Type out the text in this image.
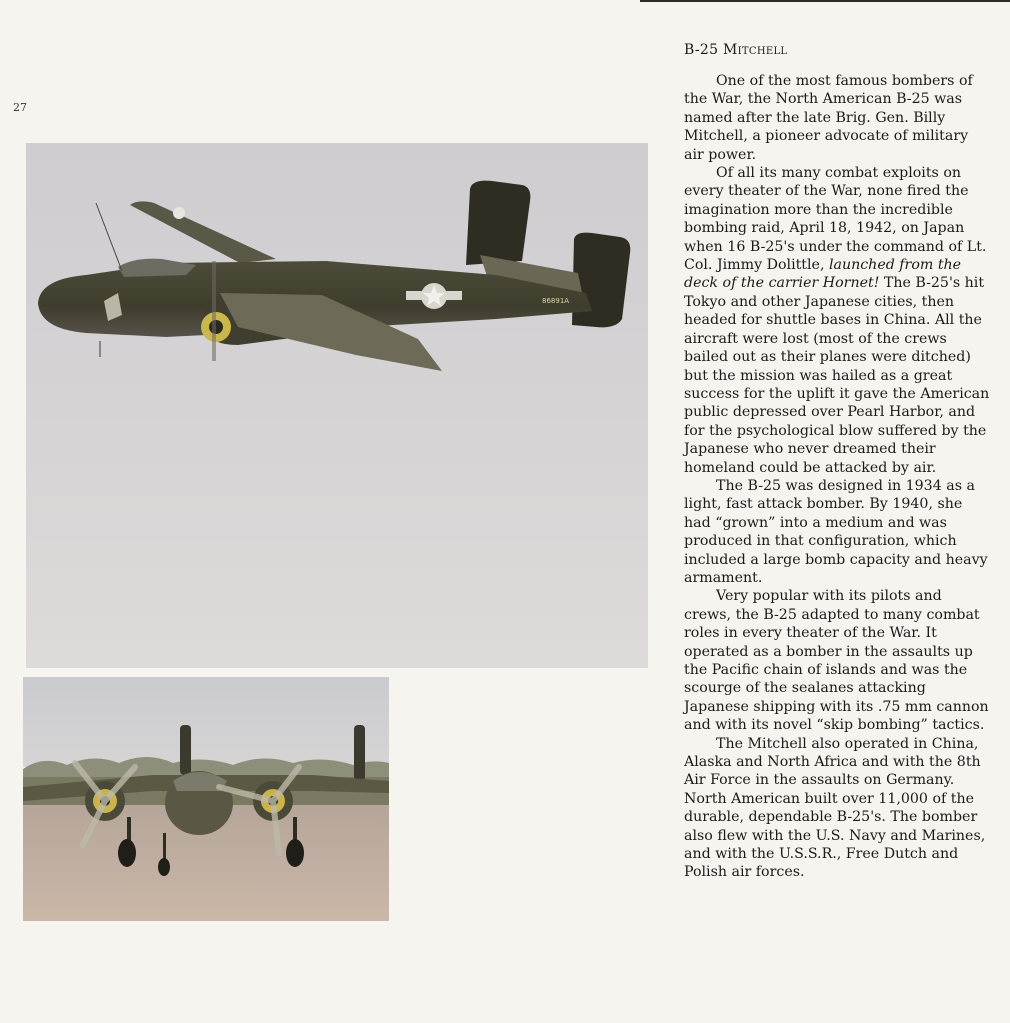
27
86891A
B-25 Mitchell

One of the most famous bombers of the War, the North American B-25 was named after the late Brig. Gen. Billy Mitchell, a pioneer advocate of military air power.

Of all its many combat exploits on every theater of the War, none fired the imagination more than the incredible bombing raid, April 18, 1942, on Japan when 16 B-25's under the command of Lt. Col. Jimmy Dolittle, launched from the deck of the carrier Hornet! The B-25's hit Tokyo and other Japanese cities, then headed for shuttle bases in China. All the aircraft were lost (most of the crews bailed out as their planes were ditched) but the mission was hailed as a great success for the uplift it gave the American public depressed over Pearl Harbor, and for the psychological blow suffered by the Japanese who never dreamed their homeland could be attacked by air.

The B-25 was designed in 1934 as a light, fast attack bomber. By 1940, she had “grown” into a medium and was produced in that configuration, which included a large bomb capacity and heavy armament.

Very popular with its pilots and crews, the B-25 adapted to many combat roles in every theater of the War. It operated as a bomber in the assaults up the Pacific chain of islands and was the scourge of the sealanes attacking Japanese shipping with its .75 mm cannon and with its novel “skip bombing” tactics.

The Mitchell also operated in China, Alaska and North Africa and with the 8th Air Force in the assaults on Germany. North American built over 11,000 of the durable, dependable B-25's. The bomber also flew with the U.S. Navy and Marines, and with the U.S.S.R., Free Dutch and Polish air forces.
